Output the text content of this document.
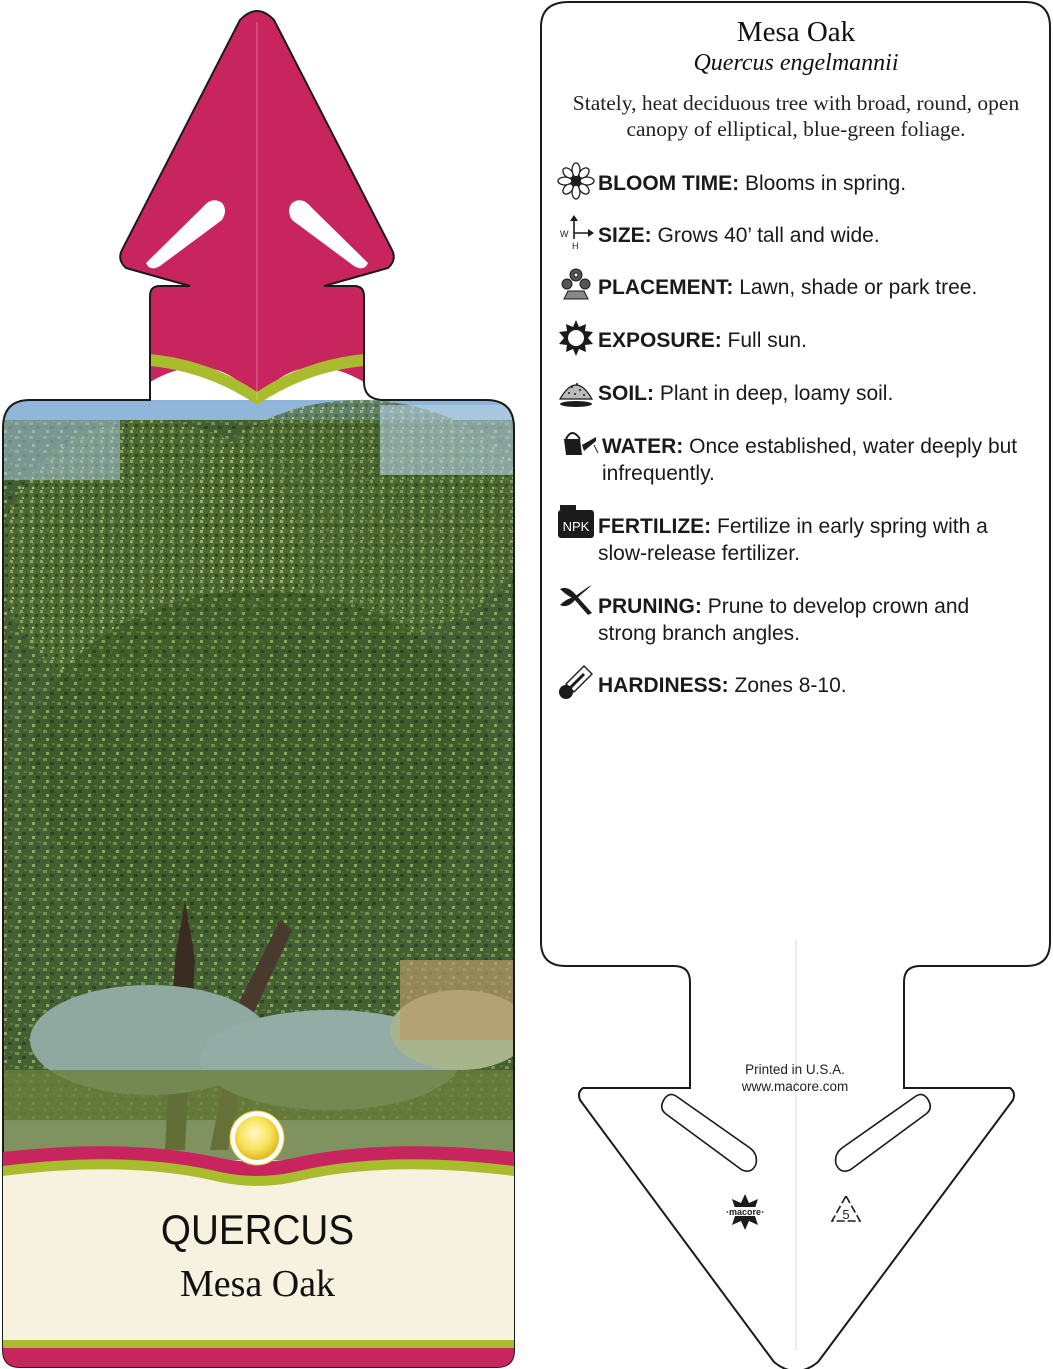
macore	5
W
H
NPK
QUERCUS
Mesa Oak
Mesa Oak
Quercus engelmannii
Stately, heat deciduous tree with broad, round, open canopy of elliptical, blue-green foliage.
BLOOM TIME: Blooms in spring.
SIZE: Grows 40’ tall and wide.
PLACEMENT: Lawn, shade or park tree.
EXPOSURE: Full sun.
SOIL: Plant in deep, loamy soil.
WATER: Once established, water deeply but infrequently.
FERTILIZE: Fertilize in early spring with a slow-release fertilizer.
PRUNING: Prune to develop crown and strong branch angles.
HARDINESS: Zones 8-10.
Printed in U.S.A.
www.macore.com
